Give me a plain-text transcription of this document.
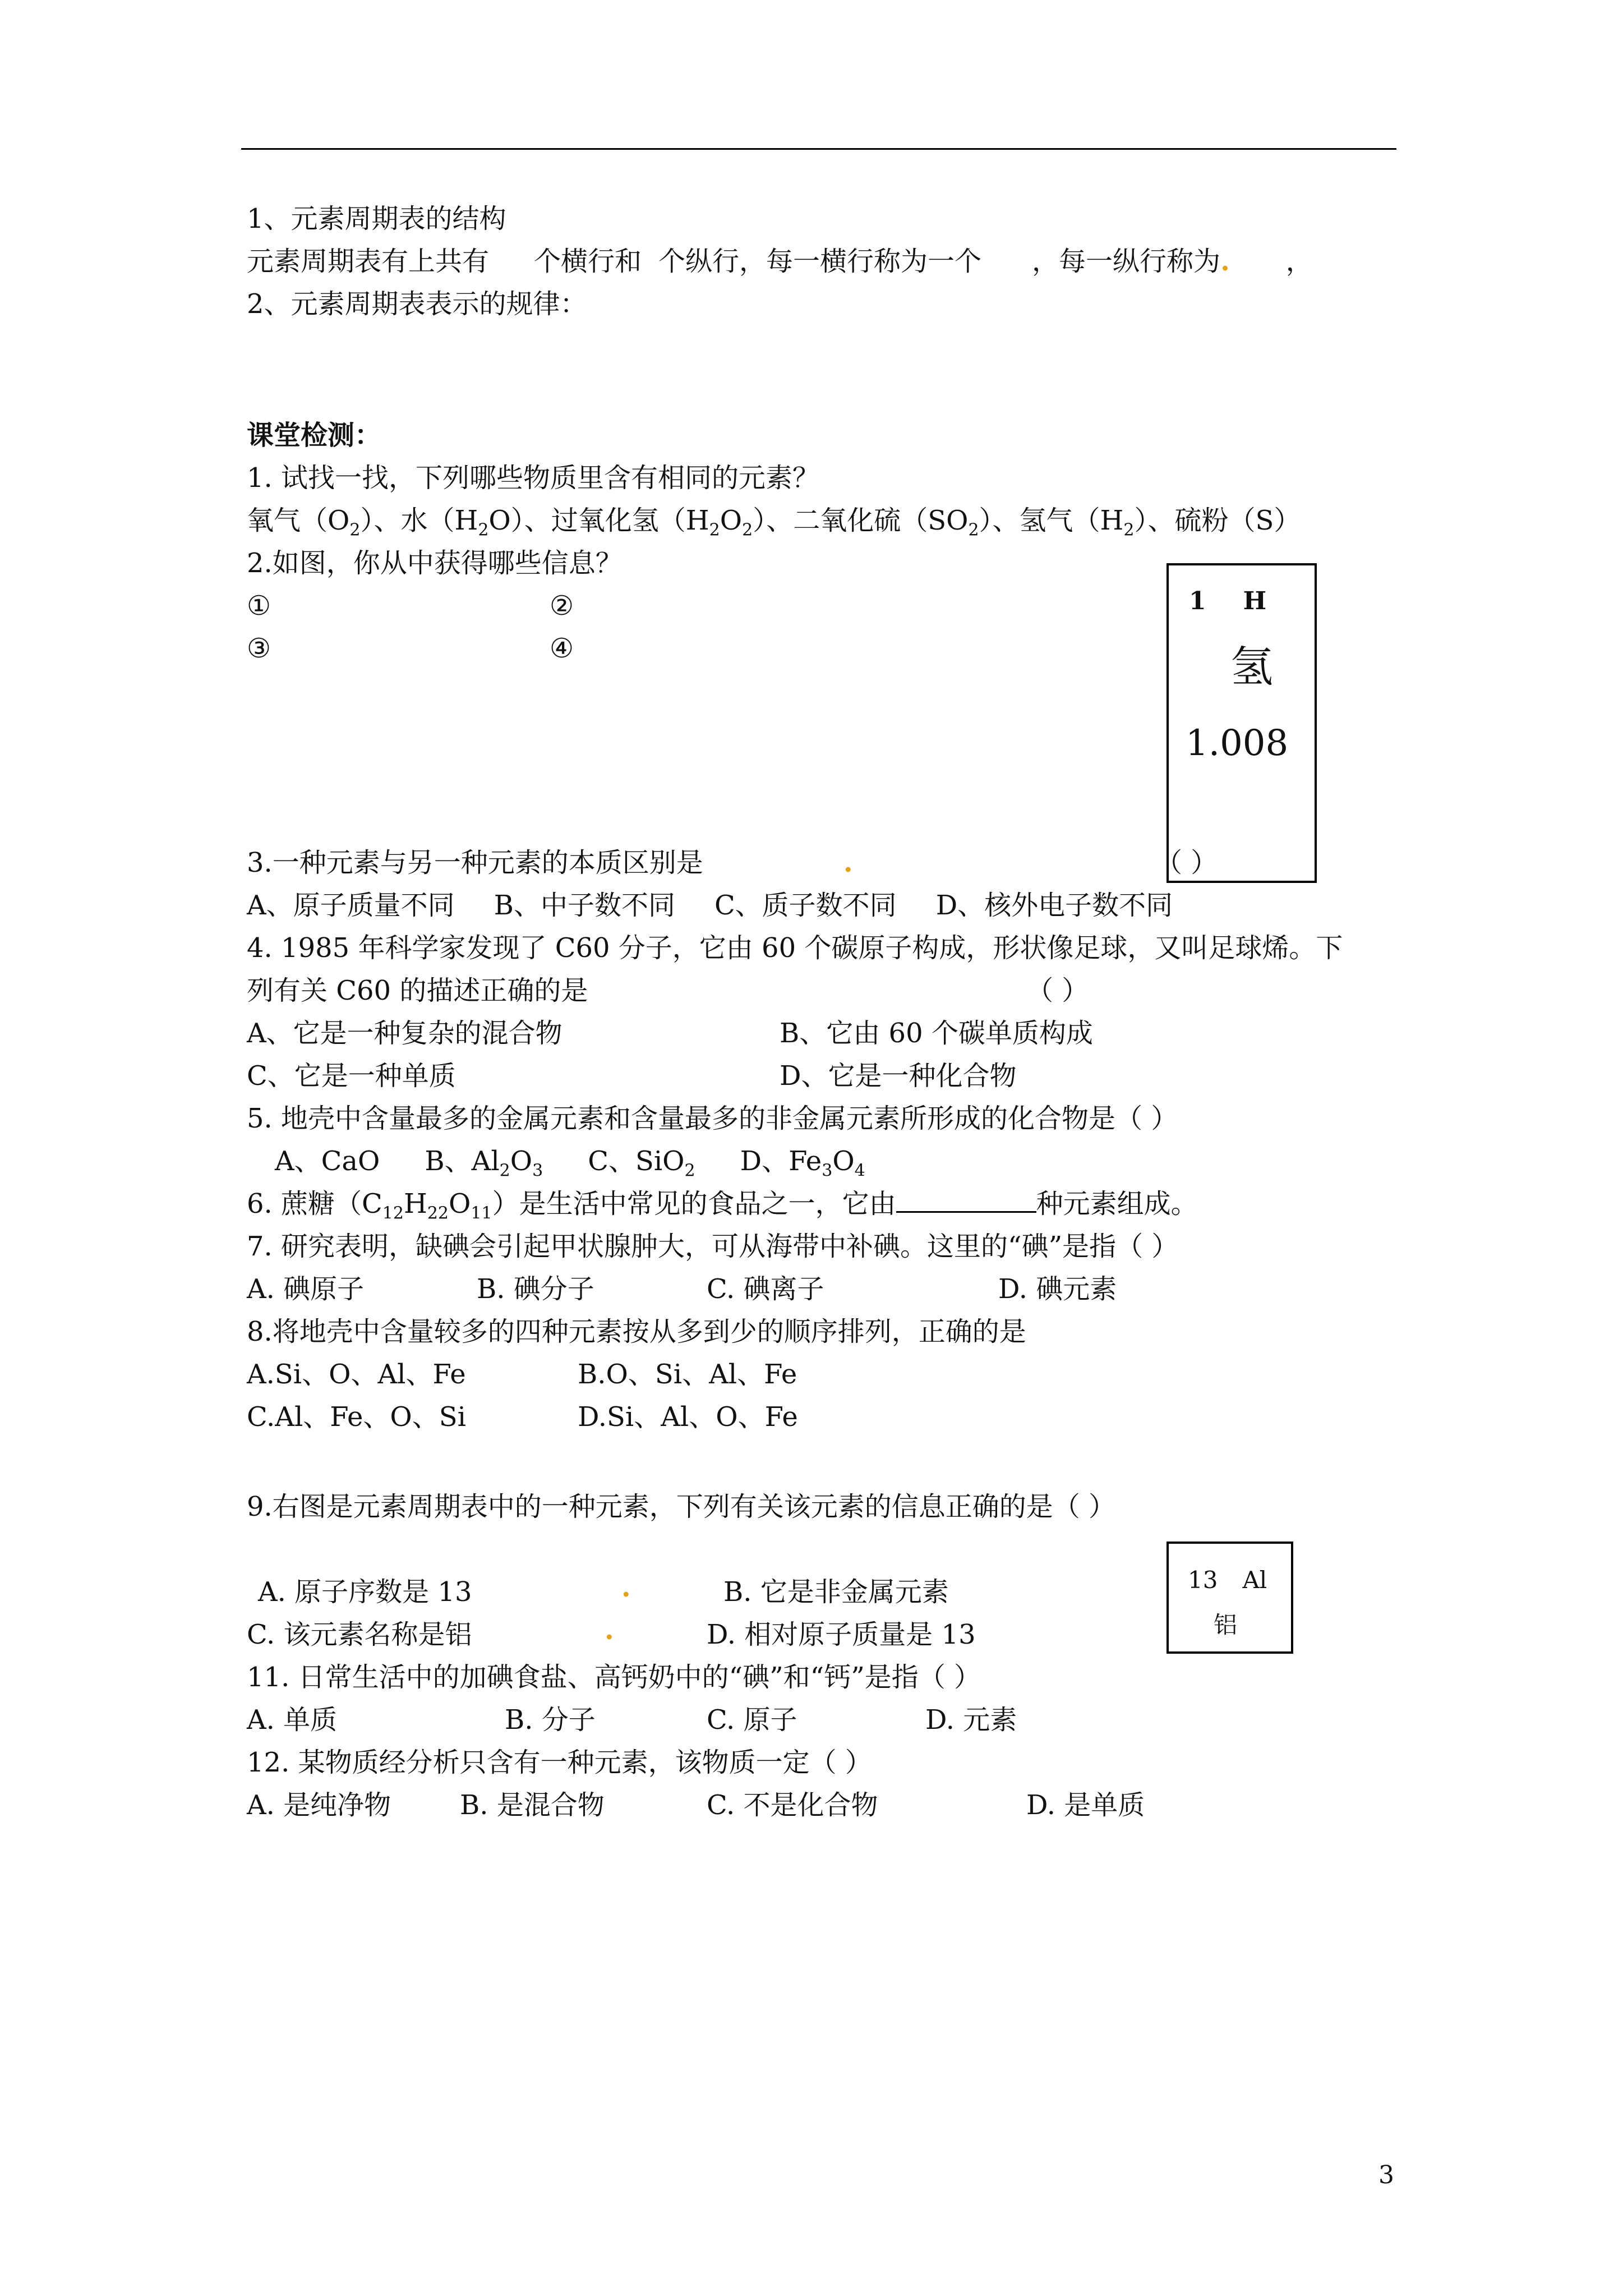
1、元素周期表的结构
元素周期表有上共有 个横行和 个纵行，每一横行称为一个 ，每一纵行称为. ，
2、元素周期表表示的规律：
课堂检测：
1. 试找一找，下列哪些物质里含有相同的元素？
氧气$(O_2)$、水$(H_2O)$、过氧化氢$(H_2O_2)$、二氧化硫$(SO_2)$、氢气$(H_2)$、硫粉（S）
2.如图，你从中获得哪些信息？
①	②
③	④
1 H
氢
1.008
3.一种元素与另一种元素的本质区别是	.	（ ）
A、原子质量不同 B、中子数不同 C、质子数不同 D、核外电子数不同
4. 1985 年科学家发现了 C60 分子，它由 60 个碳原子构成，形状像足球，又叫足球烯。下
列有关 C60 的描述正确的是	（ ）
A、它是一种复杂的混合物	B、它由 60 个碳单质构成
C、它是一种单质	D、它是一种化合物
5. 地壳中含量最多的金属元素和含量最多的非金属元素所形成的化合物是（ ）
A、CaO B、$Al_2O_3$ C、SiO$_2$ D、$Fe_3O_4$
6. 蔗糖$(C_{12}H_{22}O_{11})$是生活中常见的食品之一，它由	种元素组成。
7. 研究表明，缺碘会引起甲状腺肿大，可从海带中补碘。这里的“碘”是指（ ）
A. 碘原子	B. 碘分子	C. 碘离子	D. 碘元素
8.将地壳中含量较多的四种元素按从多到少的顺序排列，正确的是
A.Si、O、Al、Fe	B.O、Si、Al、Fe
C.Al、Fe、O、Si	D.Si、Al、O、Fe
9.右图是元素周期表中的一种元素，下列有关该元素的信息正确的是（ ）
A. 原子序数是 13	.	B. 它是非金属元素
C. 该元素名称是铝	.	D. 相对原子质量是 13
13 Al
铝
11. 日常生活中的加碘食盐、高钙奶中的“碘”和“钙”是指（ ）
A. 单质	B. 分子	C. 原子	D. 元素
12. 某物质经分析只含有一种元素，该物质一定（ ）
A. 是纯净物	B. 是混合物	C. 不是化合物	D. 是单质
3
